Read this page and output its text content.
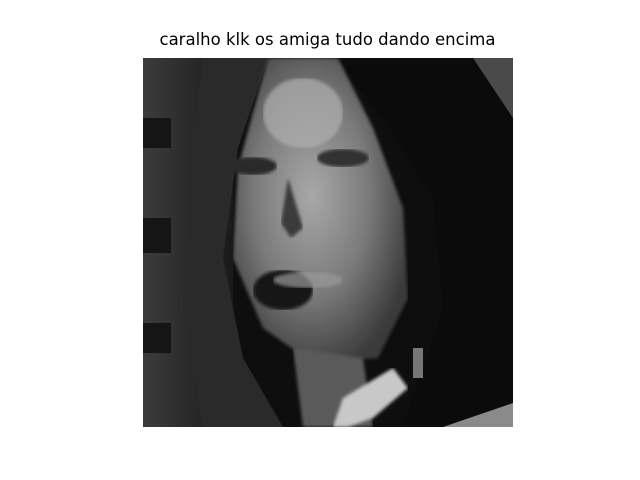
caralho klk os amiga tudo dando encima
